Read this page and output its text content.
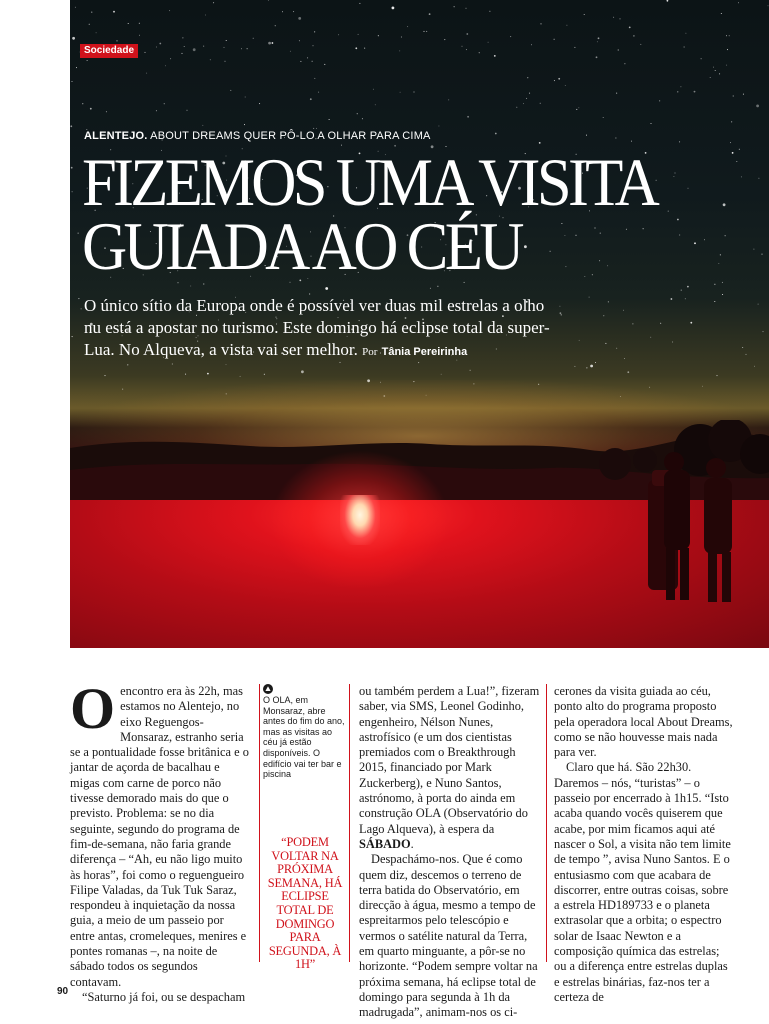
Sociedade
ALENTEJO. ABOUT DREAMS QUER PÔ-LO A OLHAR PARA CIMA
FIZEMOS UMA VISITA
GUIADA AO CÉU
O único sítio da Europa onde é possível ver duas mil estrelas a olho nu está a apostar no turismo. Este domingo há eclipse total da super-Lua. No Alqueva, a vista vai ser melhor. Por Tânia Pereirinha

Oencontro era às 22h, mas estamos no Alentejo, no eixo Reguengos-Monsaraz, estranho seria se a pontualidade fosse britânica e o jantar de açorda de bacalhau e migas com carne de porco não tivesse demorado mais do que o previsto. Problema: se no dia seguinte, segundo do programa de fim-de-semana, não faria grande diferença – “Ah, eu não ligo muito às horas”, foi como o reguengueiro Filipe Valadas, da Tuk Tuk Saraz, respondeu à inquietação da nossa guia, a meio de um passeio por entre antas, cromeleques, menires e pontes romanas –, na noite de sábado todos os segundos contavam.

“Saturno já foi, ou se despacham

O OLA, em Monsaraz, abre antes do fim do ano, mas as visitas ao céu já estão disponíveis. O edifício vai ter bar e piscina

“PODEM VOLTAR NA PRÓXIMA SEMANA, HÁ ECLIPSE TOTAL DE DOMINGO PARA SEGUNDA, À 1H”

ou também perdem a Lua!”, fizeram saber, via SMS, Leonel Godinho, engenheiro, Nélson Nunes, astrofísico (e um dos cientistas premiados com o Breakthrough 2015, financiado por Mark Zuckerberg), e Nuno Santos, astrónomo, à porta do ainda em construção OLA (Observatório do Lago Alqueva), à espera da SÁBADO.

Despachámo-nos. Que é como quem diz, descemos o terreno de terra batida do Observatório, em direcção à água, mesmo a tempo de espreitarmos pelo telescópio e vermos o satélite natural da Terra, em quarto minguante, a pôr-se no horizonte. “Podem sempre voltar na próxima semana, há eclipse total de domingo para segunda à 1h da madrugada”, animam-nos os ci-

cerones da visita guiada ao céu, ponto alto do programa proposto pela operadora local About Dreams, como se não houvesse mais nada para ver.

Claro que há. São 22h30. Daremos – nós, “turistas” – o passeio por encerrado à 1h15. “Isto acaba quando vocês quiserem que acabe, por mim ficamos aqui até nascer o Sol, a visita não tem limite de tempo ”, avisa Nuno Santos. E o entusiasmo com que acabara de discorrer, entre outras coisas, sobre a estrela HD189733 e o planeta extrasolar que a orbita; o espectro solar de Isaac Newton e a composição química das estrelas; ou a diferença entre estrelas duplas e estrelas binárias, faz-nos ter a certeza de

90
